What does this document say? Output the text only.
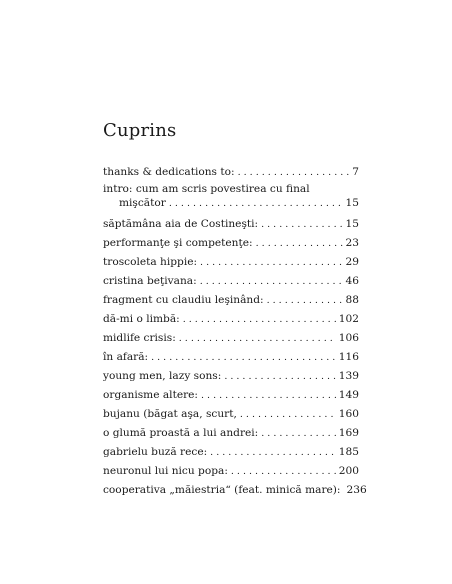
Cuprins
thanks & dedications to: . . .	7
intro: cum am scris povestirea cu final
mişcător . . .	15
săptămâna aia de Costineşti: . . .	15
performanţe şi competenţe: . . .	23
troscoleta hippie: . . .	29
cristina beţivana: . . .	46
fragment cu claudiu leşinând: . . .	88
dă-mi o limbă: . . .	102
midlife crisis: . . .	106
în afară: . . .	116
young men, lazy sons: . . .	139
organisme altere: . . .	149
bujanu (băgat aşa, scurt, . . .	160
o glumă proastă a lui andrei: . . .	169
gabrielu buză rece: . . .	185
neuronul lui nicu popa: . . .	200
cooperativa „măiestria“ (feat. minică mare): 236
